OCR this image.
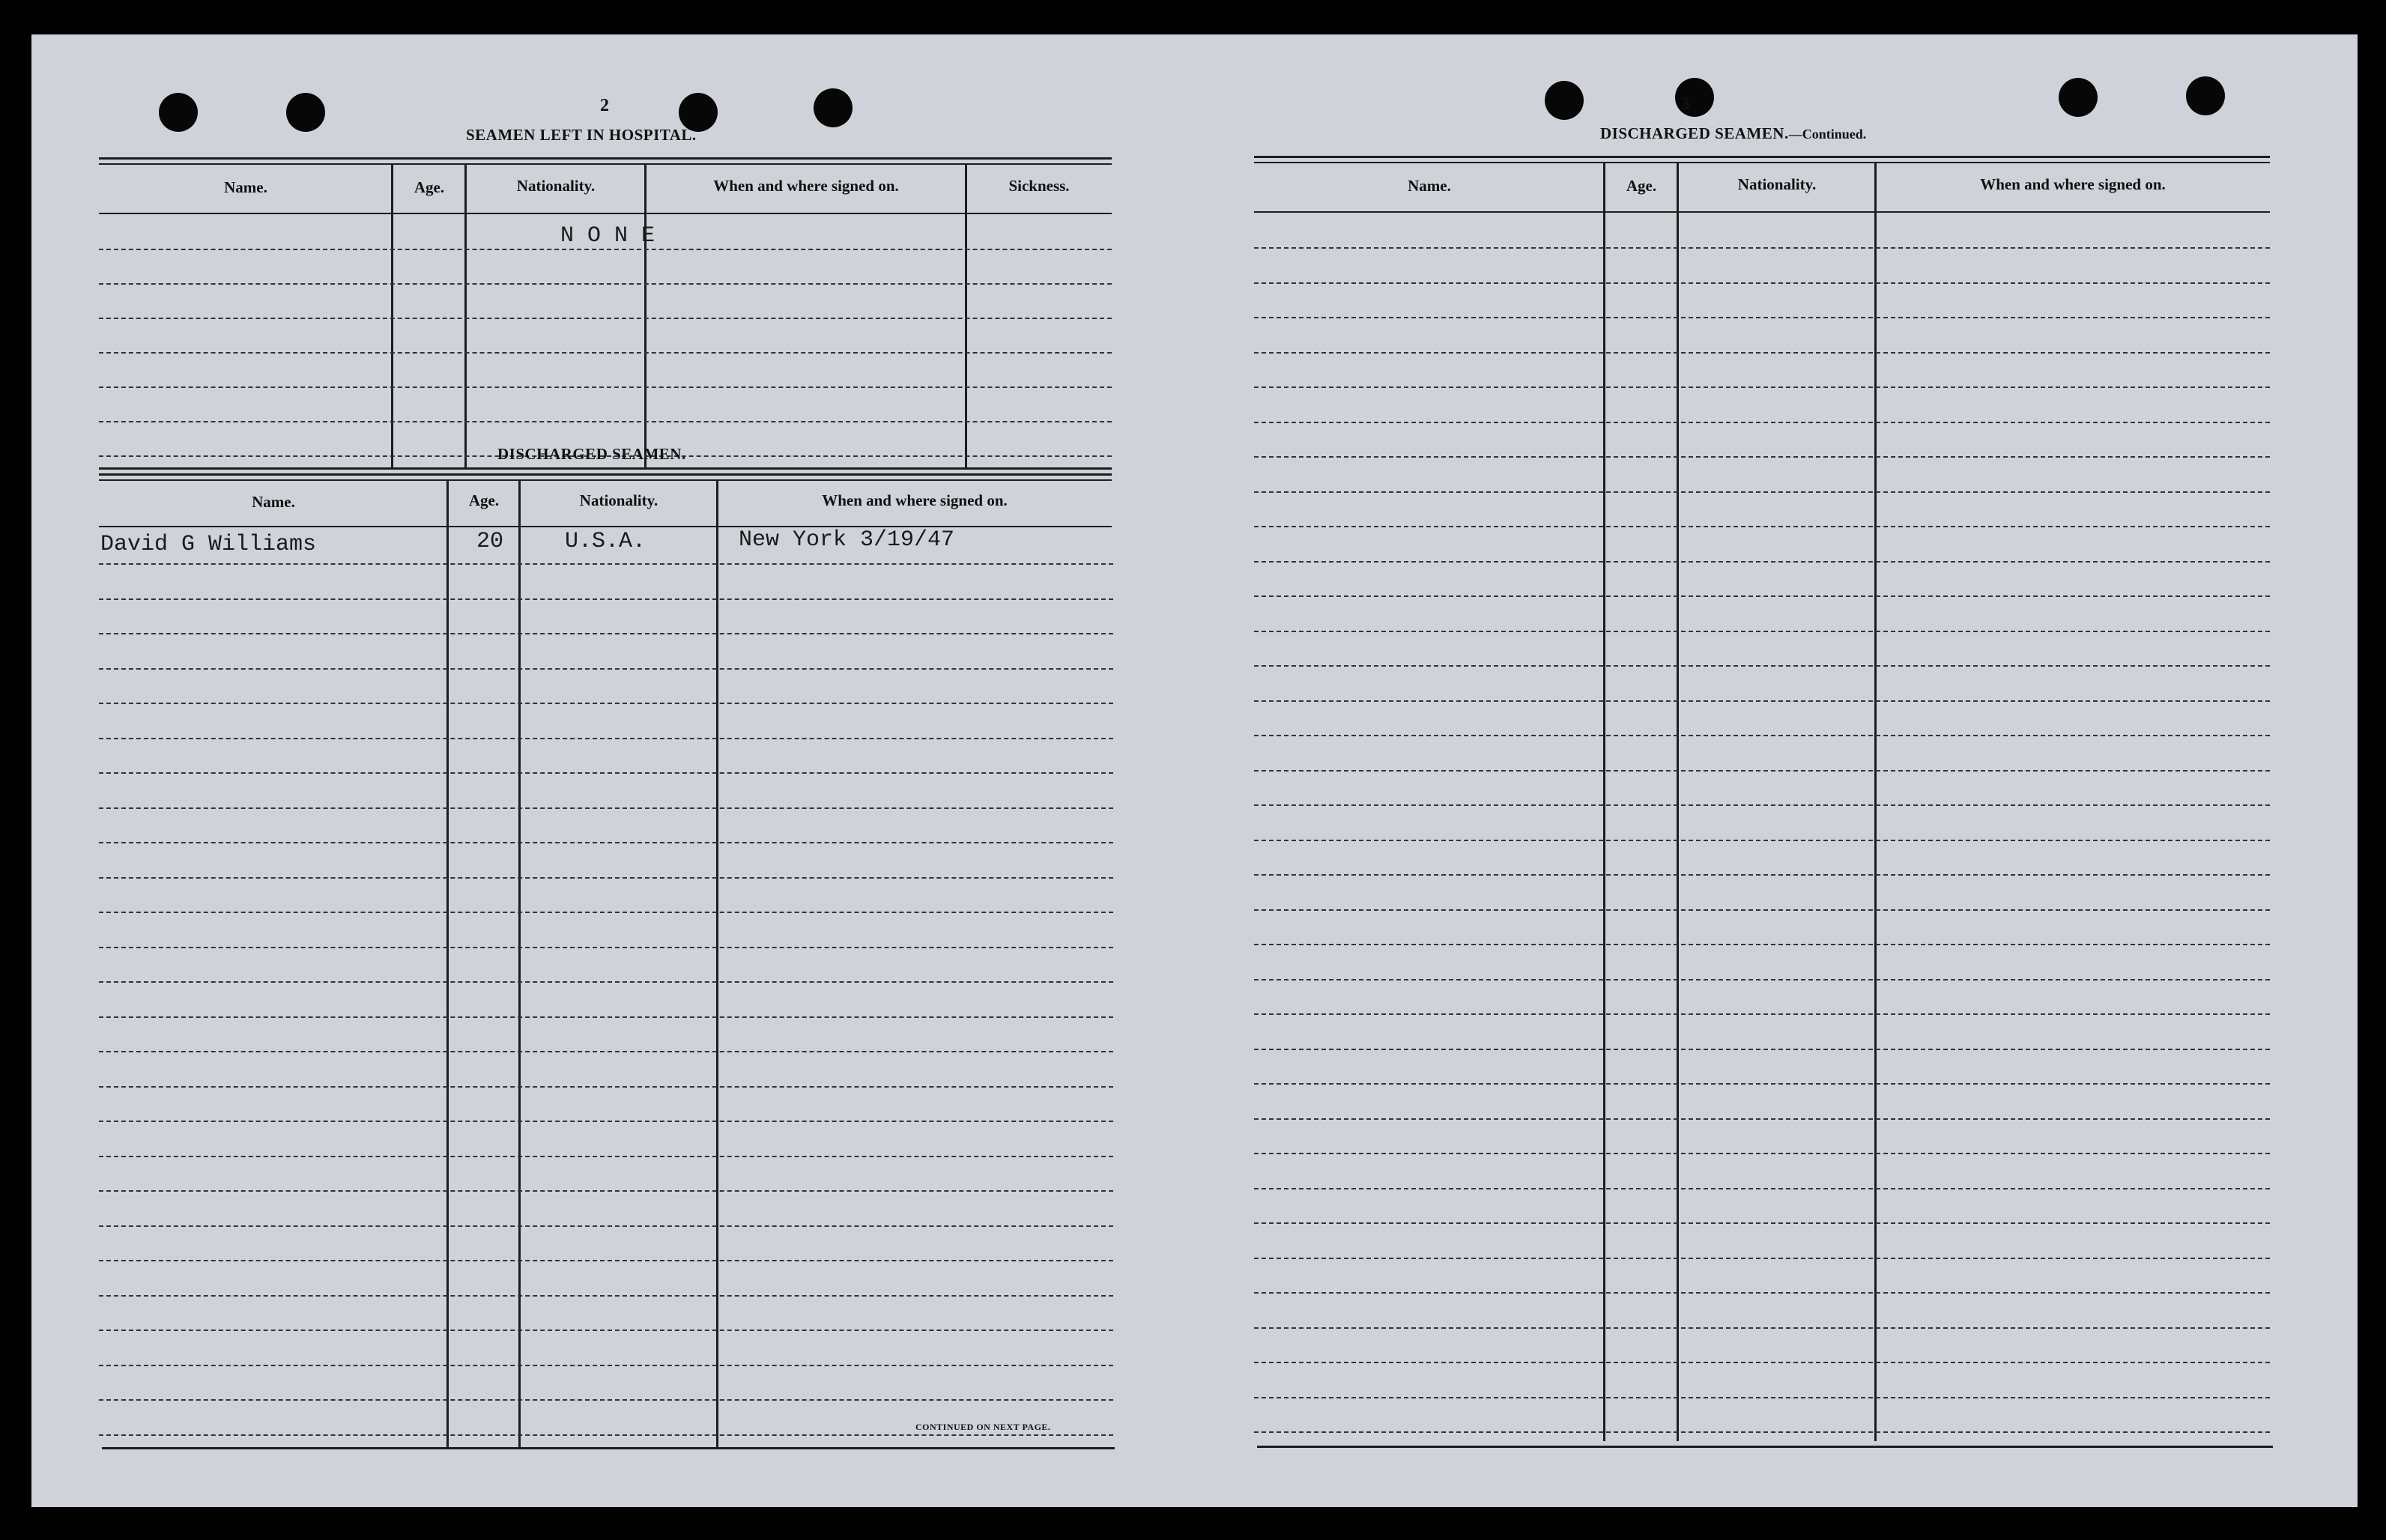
2
SEAMEN LEFT IN HOSPITAL.
Name.	Age.	Nationality.	When and where signed on.	Sickness.
N O N E
DISCHARGED SEAMEN.
Name.	Age.	Nationality.	When and where signed on.
David G Williams	20	U.S.A.	New York 3/19/47
CONTINUED ON NEXT PAGE.
3
DISCHARGED SEAMEN.—Continued.
Name.	Age.	Nationality.	When and where signed on.
